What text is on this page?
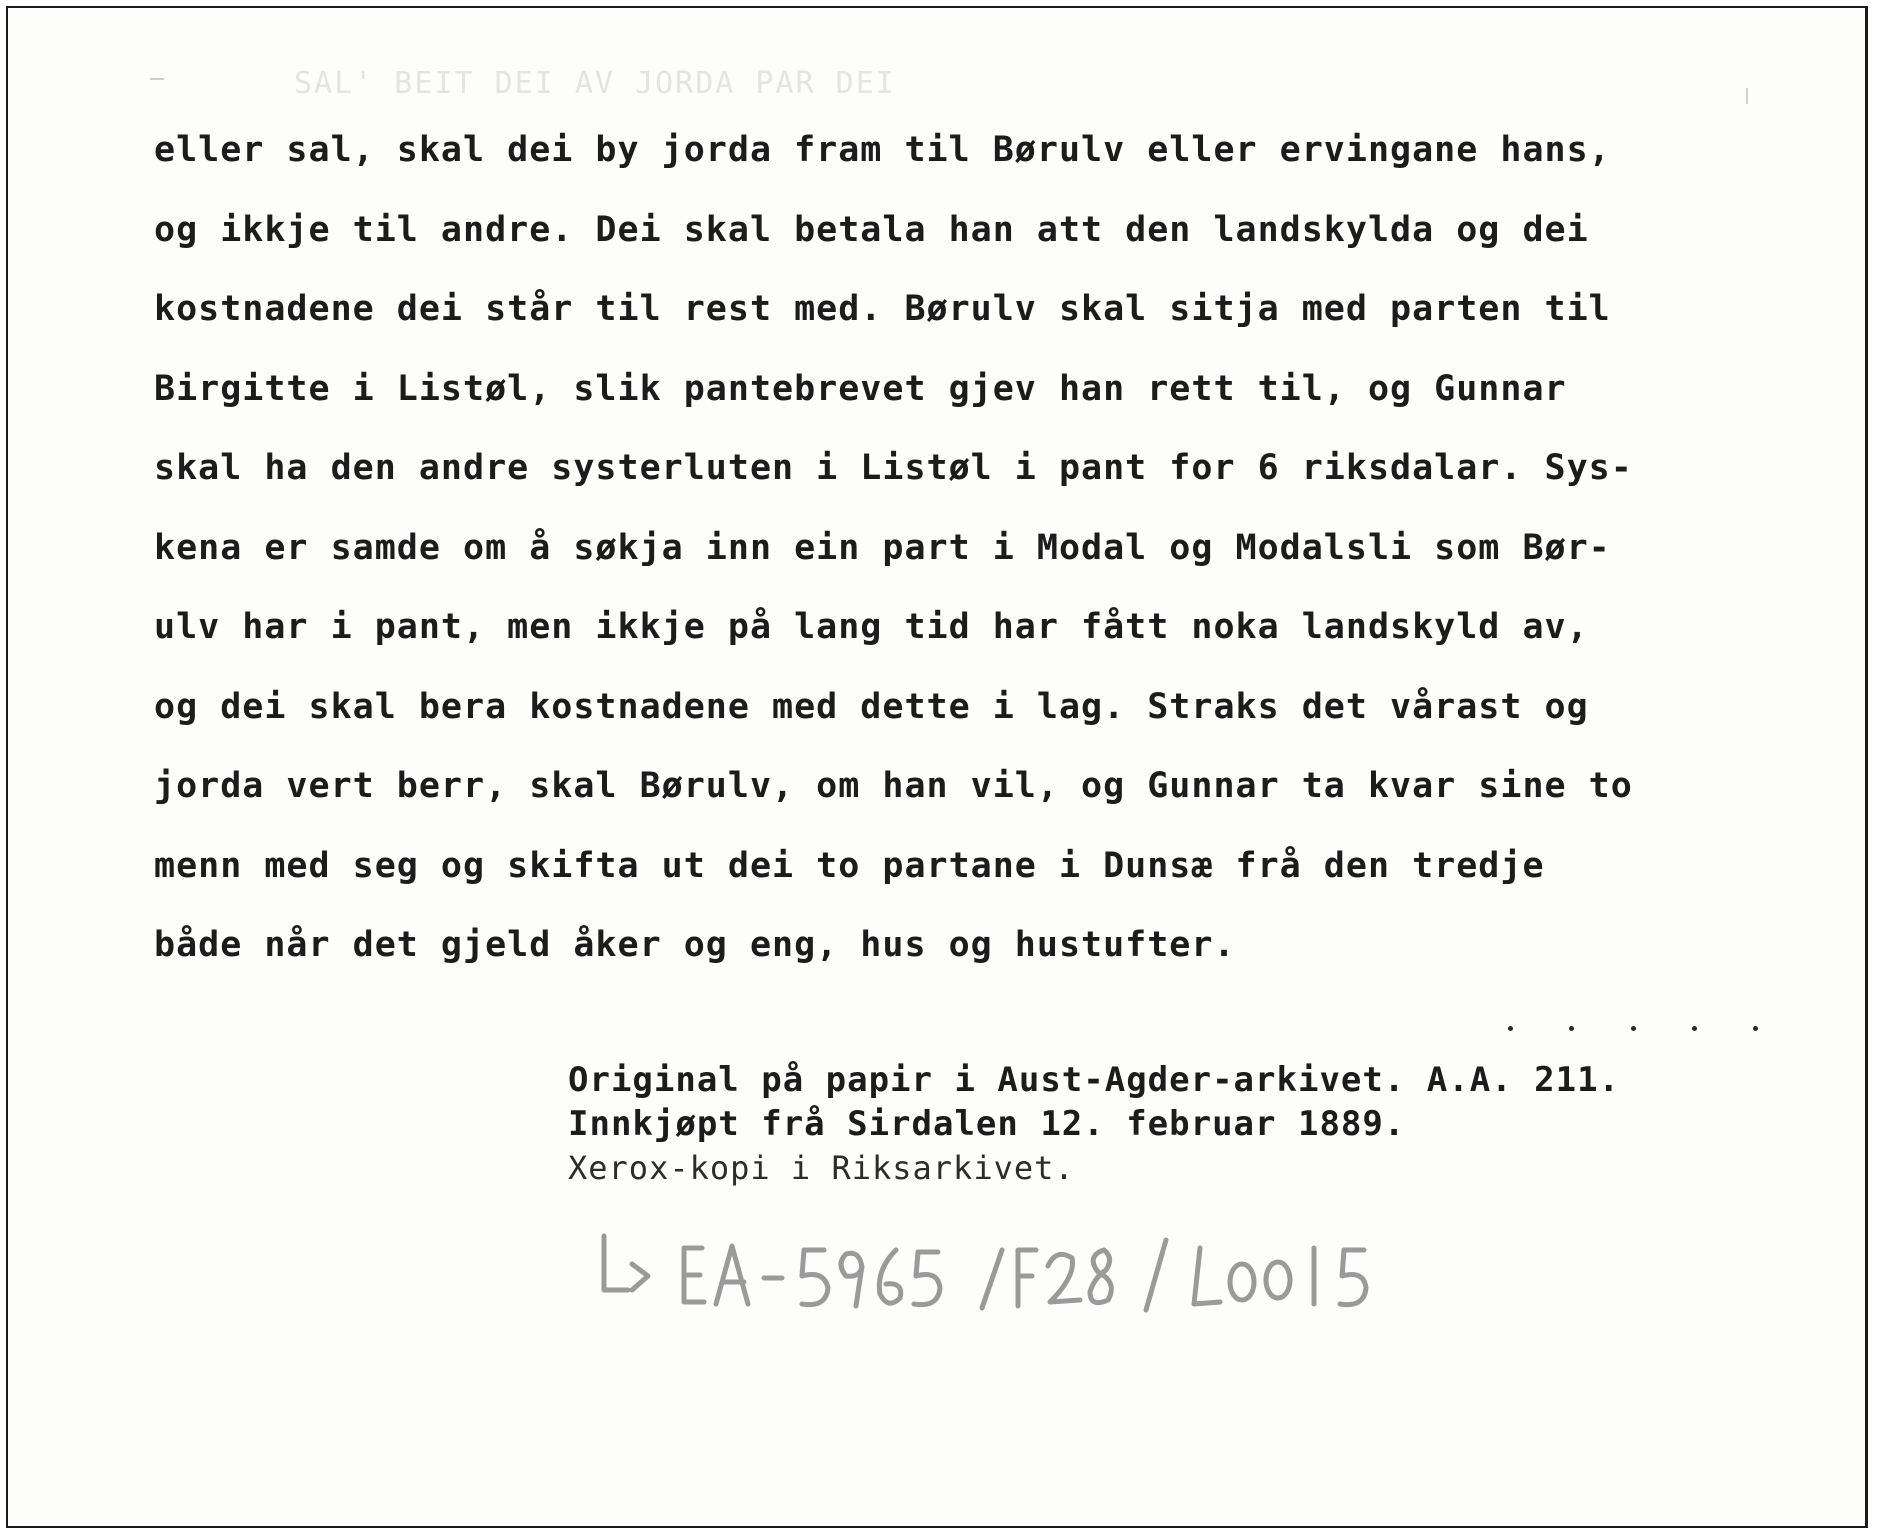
SAL' BEIT DEI AV JORDA PAR DEI
eller sal, skal dei by jorda fram til Børulv eller ervingane hans,
og ikkje til andre. Dei skal betala han att den landskylda og dei
kostnadene dei står til rest med. Børulv skal sitja med parten til
Birgitte i Listøl, slik pantebrevet gjev han rett til, og Gunnar
skal ha den andre systerluten i Listøl i pant for 6 riksdalar. Sys-
kena er samde om å søkja inn ein part i Modal og Modalsli som Bør-
ulv har i pant, men ikkje på lang tid har fått noka landskyld av,
og dei skal bera kostnadene med dette i lag. Straks det vårast og
jorda vert berr, skal Børulv, om han vil, og Gunnar ta kvar sine to
menn med seg og skifta ut dei to partane i Dunsæ frå den tredje
både når det gjeld åker og eng, hus og hustufter.
Original på papir i Aust-Agder-arkivet. A.A. 211.
Innkjøpt frå Sirdalen 12. februar 1889.
Xerox-kopi i Riksarkivet.
